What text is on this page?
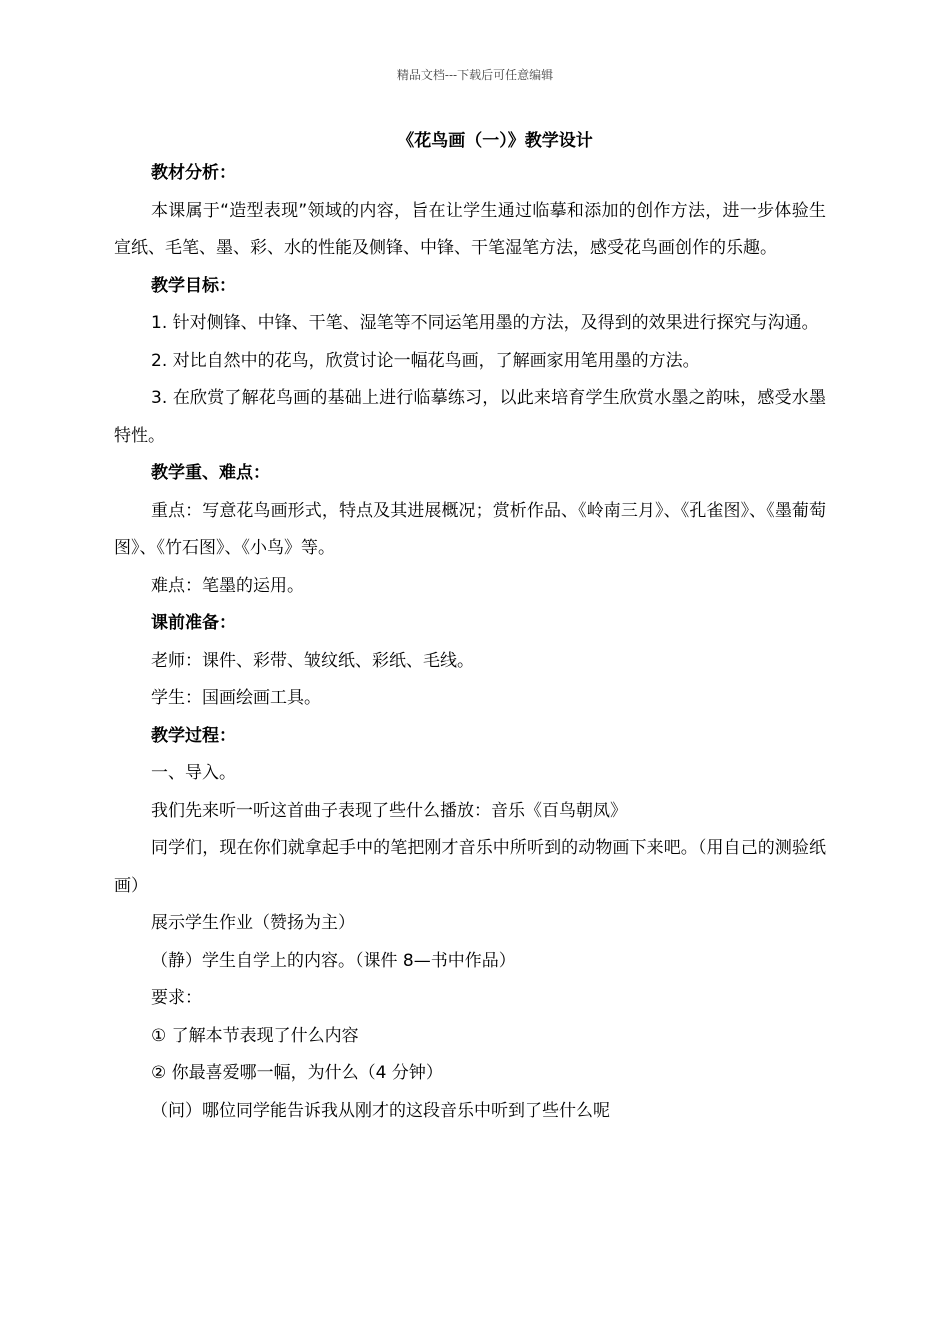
精品文档---下载后可任意编辑
《花鸟画（一）》教学设计

教材分析：

本课属于“造型表现”领域的内容，旨在让学生通过临摹和添加的创作方法，进一步体验生宣纸、毛笔、墨、彩、水的性能及侧锋、中锋、干笔湿笔方法，感受花鸟画创作的乐趣。

教学目标：

1. 针对侧锋、中锋、干笔、湿笔等不同运笔用墨的方法，及得到的效果进行探究与沟通。

2. 对比自然中的花鸟，欣赏讨论一幅花鸟画，了解画家用笔用墨的方法。

3. 在欣赏了解花鸟画的基础上进行临摹练习，以此来培育学生欣赏水墨之韵味，感受水墨特性。

教学重、难点：

重点：写意花鸟画形式，特点及其进展概况；赏析作品、《岭南三月》、《孔雀图》、《墨葡萄图》、《竹石图》、《小鸟》等。

难点：笔墨的运用。

课前准备：

老师：课件、彩带、皱纹纸、彩纸、毛线。

学生：国画绘画工具。

教学过程：

一、导入。

我们先来听一听这首曲子表现了些什么播放：音乐《百鸟朝凤》

同学们，现在你们就拿起手中的笔把刚才音乐中所听到的动物画下来吧。（用自己的测验纸画）

展示学生作业（赞扬为主）

（静）学生自学上的内容。（课件 8—书中作品）

要求：

① 了解本节表现了什么内容

② 你最喜爱哪一幅，为什么（4 分钟）

（问）哪位同学能告诉我从刚才的这段音乐中听到了些什么呢
